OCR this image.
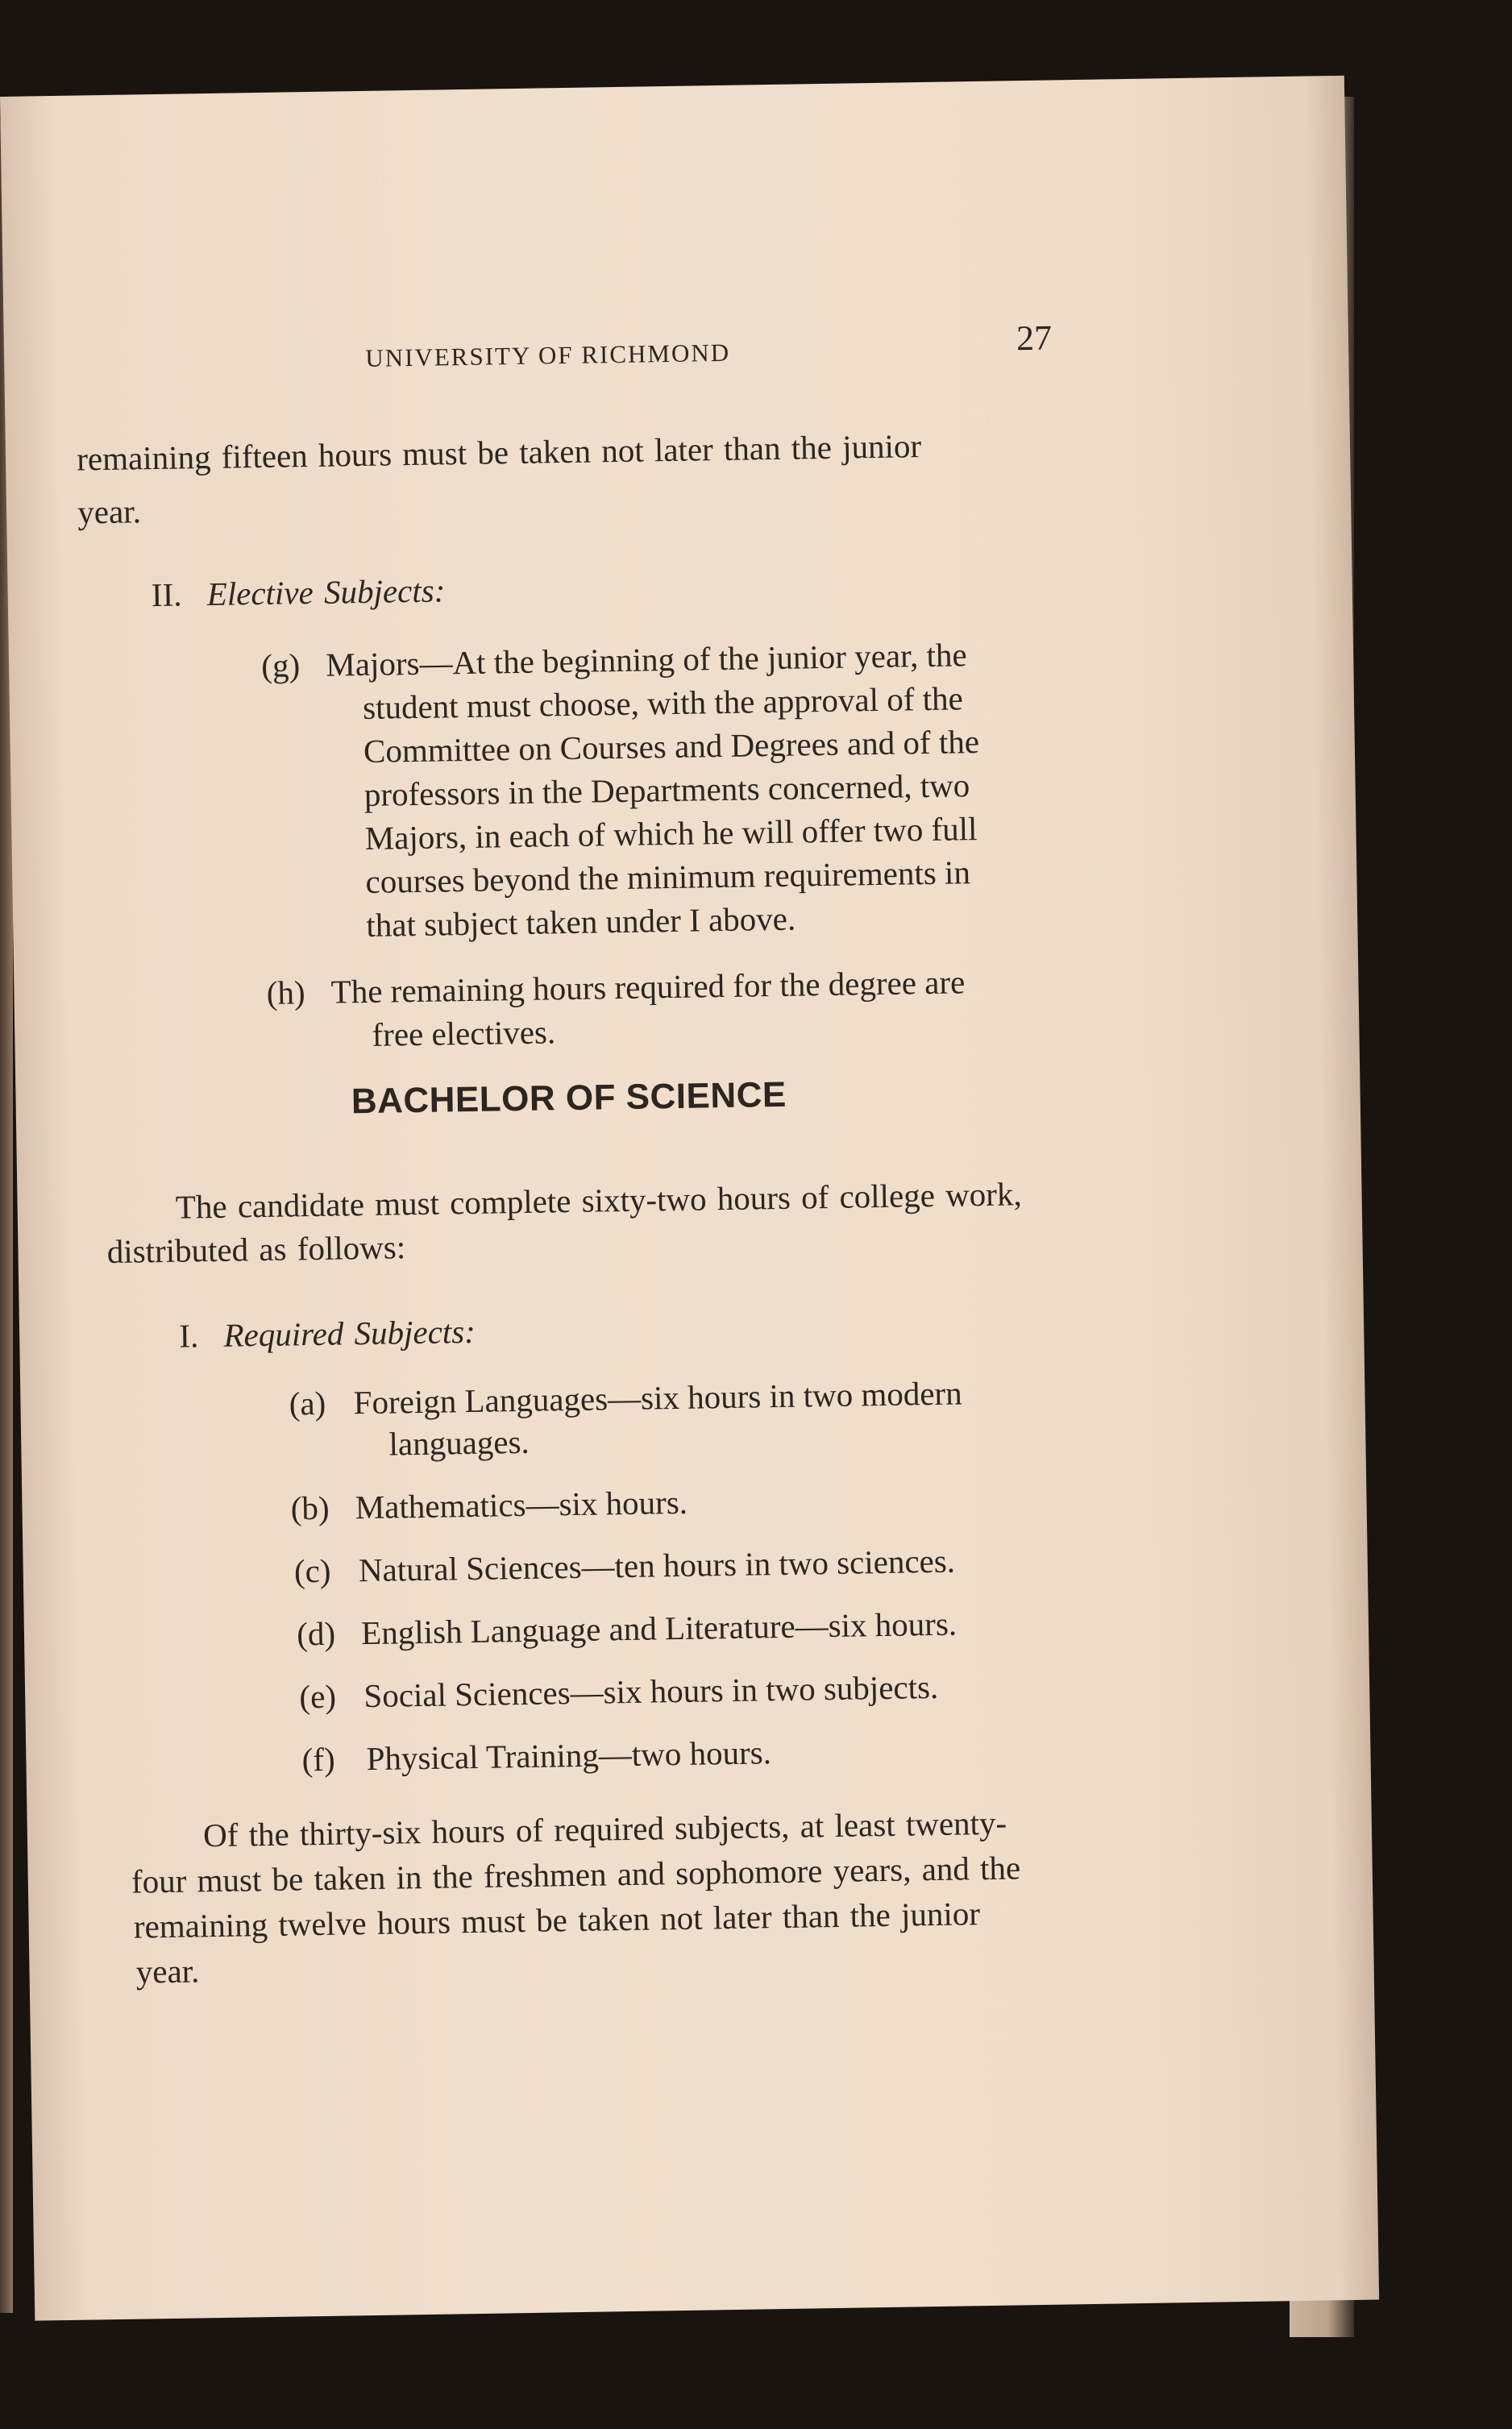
UNIVERSITY OF RICHMOND	27
remaining fifteen hours must be taken not later than the junior
year.
II. Elective Subjects:
(g) Majors—At the beginning of the junior year, the
student must choose, with the approval of the
Committee on Courses and Degrees and of the
professors in the Departments concerned, two
Majors, in each of which he will offer two full
courses beyond the minimum requirements in
that subject taken under I above.
(h) The remaining hours required for the degree are
free electives.
BACHELOR OF SCIENCE
The candidate must complete sixty-two hours of college work,
distributed as follows:
I. Required Subjects:
(a) Foreign Languages—six hours in two modern
languages.
(b) Mathematics—six hours.
(c) Natural Sciences—ten hours in two sciences.
(d) English Language and Literature—six hours.
(e) Social Sciences—six hours in two subjects.
(f) Physical Training—two hours.
Of the thirty-six hours of required subjects, at least twenty-
four must be taken in the freshmen and sophomore years, and the
remaining twelve hours must be taken not later than the junior
year.
